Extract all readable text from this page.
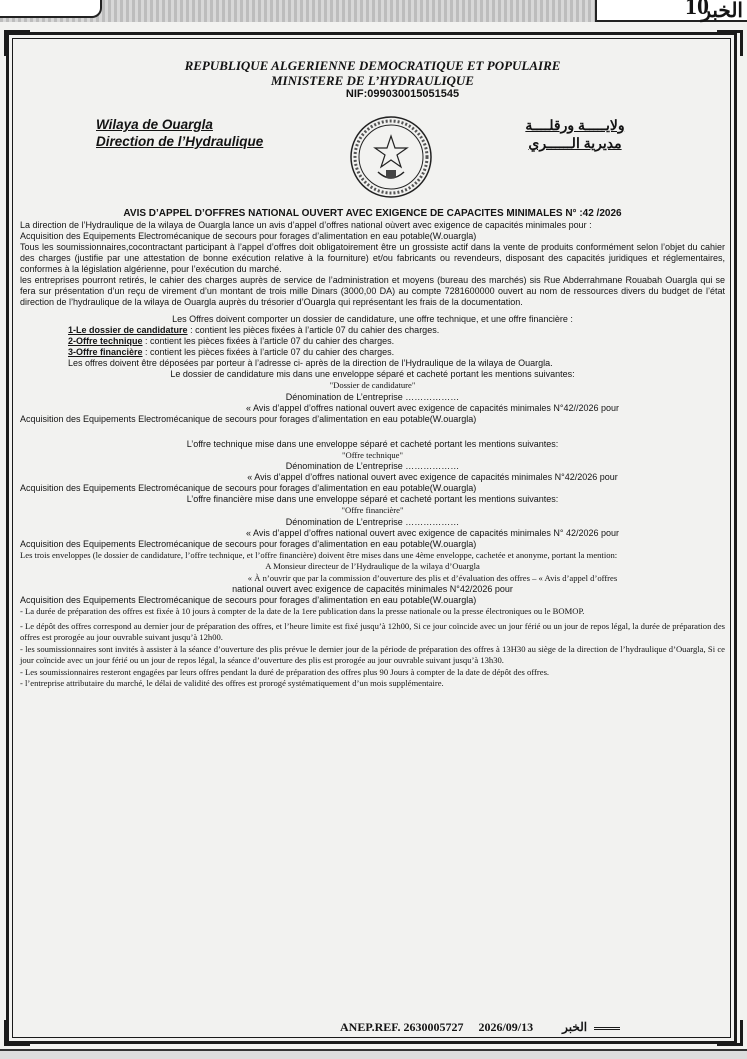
10
الخبر
REPUBLIQUE ALGERIENNE DEMOCRATIQUE ET POPULAIRE
MINISTERE DE L’HYDRAULIQUE
NIF:099030015051545
Wilaya de Ouargla
Direction de l’Hydraulique
ولايـــــة ورقلــــة
مديرية الــــــري
AVIS D’APPEL D’OFFRES NATIONAL OUVERT AVEC EXIGENCE DE CAPACITES MINIMALES N° :42 /2026

La direction de l’Hydraulique de la wilaya de Ouargla lance un avis d’appel d’offres national oùvert avec exigence de capacités minimales pour :

Acquisition des Equipements Electromécanique de secours pour forages d’alimentation en eau potable(W.ouargla)

Tous les soumissionnaires,cocontractant participant à l’appel d’offres doit obligatoirement être un grossiste actif dans la vente de produits conformément selon l’objet du cahier des charges (justifie par une attestation de bonne exécution relative à la fourniture) et/ou fabricants ou revendeurs, disposant des capacités juridiques et réglementaires, conformes à la législation algérienne, pour l’exécution du marché.

les entreprises pourront retirés, le cahier des charges auprès de service de l’administration et moyens (bureau des marchés) sis Rue Abderrahmane Rouabah Ouargla qui se fera sur présentation d’un reçu de virement d’un montant de trois mille Dinars (3000,00 DA) au compte 7281600000 ouvert au nom de ressources divers du budget de l’état direction de l’hydraulique de la wilaya de Ouargla auprès du trésorier d’Ouargla qui représentant les frais de la documentation.

Les Offres doivent comporter un dossier de candidature, une offre technique, et une offre financière :

1-Le dossier de candidature : contient les pièces fixées à l’article 07 du cahier des charges.

2-Offre technique : contient les pièces fixées à l’article 07 du cahier des charges.

3-Offre financière : contient les pièces fixées à l’article 07 du cahier des charges.

Les offres doivent être déposées par porteur à l’adresse ci- après de la direction de l’Hydraulique de la wilaya de Ouargla.

Le dossier de candidature mis dans une enveloppe séparé et cacheté portant les mentions suivantes:

"Dossier de candidature"

Dénomination de L’entreprise ………………

« Avis d’appel d’offres national ouvert avec exigence de capacités minimales N°42//2026 pour

Acquisition des Equipements Electromécanique de secours pour forages d’alimentation en eau potable(W.ouargla)

L’offre technique mise dans une enveloppe séparé et cacheté portant les mentions suivantes:

"Offre technique"

Dénomination de L’entreprise ………………

« Avis d’appel d’offres national ouvert avec exigence de capacités minimales N°42/2026 pour

Acquisition des Equipements Electromécanique de secours pour forages d’alimentation en eau potable(W.ouargla)

L’offre financière mise dans une enveloppe séparé et cacheté portant les mentions suivantes:

"Offre financière"

Dénomination de L’entreprise ………………

« Avis d’appel d’offres national ouvert avec exigence de capacités minimales N° 42/2026 pour

Acquisition des Equipements Electromécanique de secours pour forages d’alimentation en eau potable(W.ouargla)

Les trois enveloppes (le dossier de candidature, l’offre technique, et l’offre financière) doivent être mises dans une 4ème enveloppe, cachetée et anonyme, portant la mention:

A Monsieur directeur de l’Hydraulique de la wilaya d’Ouargla

« À n’ouvrir que par la commission d’ouverture des plis et d’évaluation des offres – « Avis d’appel d’offres

national ouvert avec exigence de capacités minimales N°42/2026 pour

Acquisition des Equipements Electromécanique de secours pour forages d’alimentation en eau potable(W.ouargla)

- La durée de préparation des offres est fixée à 10 jours à compter de la date de la 1ere publication dans la presse nationale ou la presse électroniques ou le BOMOP.

- Le dépôt des offres correspond au dernier jour de préparation des offres, et l’heure limite est fixé jusqu’à 12h00, Si ce jour coïncide avec un jour férié ou un jour de repos légal, la durée de préparation des offres est prorogée au jour ouvrable suivant jusqu’à 12h00.

- les soumissionnaires sont invités à assister à la séance d’ouverture des plis prévue le dernier jour de la période de préparation des offres à 13H30 au siège de la direction de l’hydraulique d’Ouargla, Si ce jour coïncide avec un jour férié ou un jour de repos légal, la séance d’ouverture des plis est prorogée au jour ouvrable suivant jusqu’à 13h30.

- Les soumissionnaires resteront engagées par leurs offres pendant la duré de préparation des offres plus 90 Jours à compter de la date de dépôt des offres.

- l’entreprise attributaire du marché, le délai de validité des offres est prorogé systématiquement d’un mois supplémentaire.

ANEP.REF. 2630005727 2026/09/13 الخبر
